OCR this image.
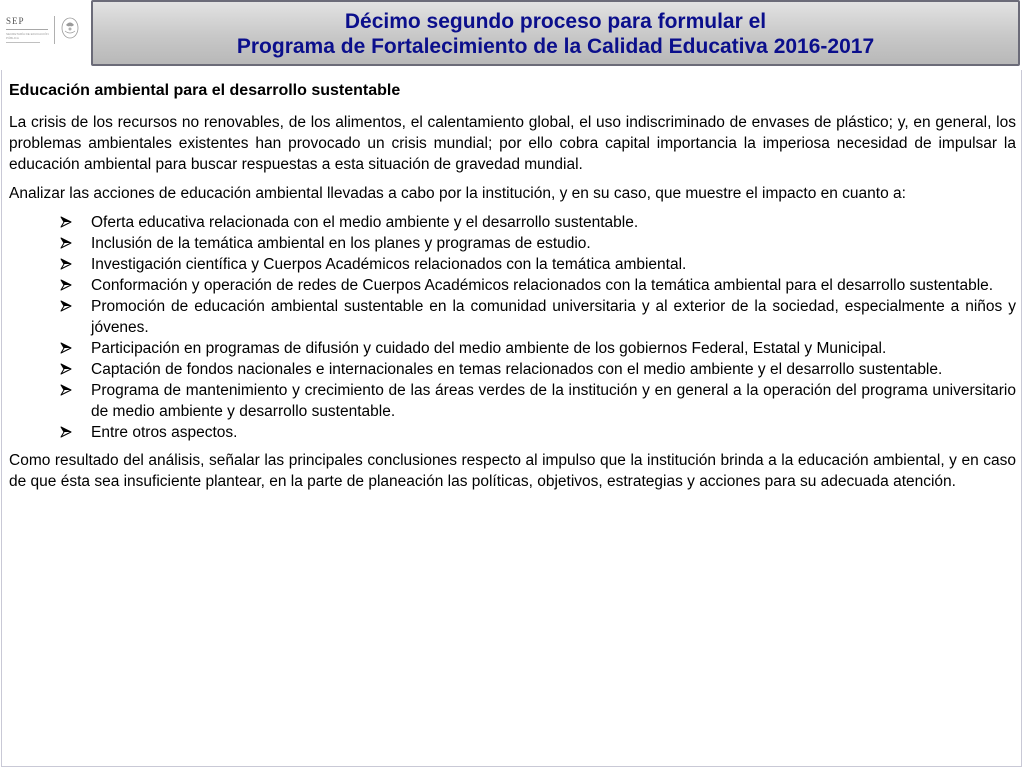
SEP
SECRETARÍA DE EDUCACIÓN PÚBLICA
Décimo segundo proceso para formular el
Programa de Fortalecimiento de la Calidad Educativa 2016-2017
Educación ambiental para el desarrollo sustentable

La crisis de los recursos no renovables, de los alimentos, el calentamiento global, el uso indiscriminado de envases de plástico; y, en general, los problemas ambientales existentes han provocado un crisis mundial; por ello cobra capital importancia la imperiosa necesidad de impulsar la educación ambiental para buscar respuestas a esta situación de gravedad mundial.

Analizar las acciones de educación ambiental llevadas a cabo por la institución, y en su caso, que muestre el impacto en cuanto a:

Oferta educativa relacionada con el medio ambiente y el desarrollo sustentable.
Inclusión de la temática ambiental en los planes y programas de estudio.
Investigación científica y Cuerpos Académicos relacionados con la temática ambiental.
Conformación y operación de redes de Cuerpos Académicos relacionados con la temática ambiental para el desarrollo sustentable.
Promoción de educación ambiental sustentable en la comunidad universitaria y al exterior de la sociedad, especialmente a niños y jóvenes.
Participación en programas de difusión y cuidado del medio ambiente de los gobiernos Federal, Estatal y Municipal.
Captación de fondos nacionales e internacionales en temas relacionados con el medio ambiente y el desarrollo sustentable.
Programa de mantenimiento y crecimiento de las áreas verdes de la institución y en general a la operación del programa universitario de medio ambiente y desarrollo sustentable.
Entre otros aspectos.

Como resultado del análisis, señalar las principales conclusiones respecto al impulso que la institución brinda a la educación ambiental, y en caso de que ésta sea insuficiente plantear, en la parte de planeación las políticas, objetivos, estrategias y acciones para su adecuada atención.
